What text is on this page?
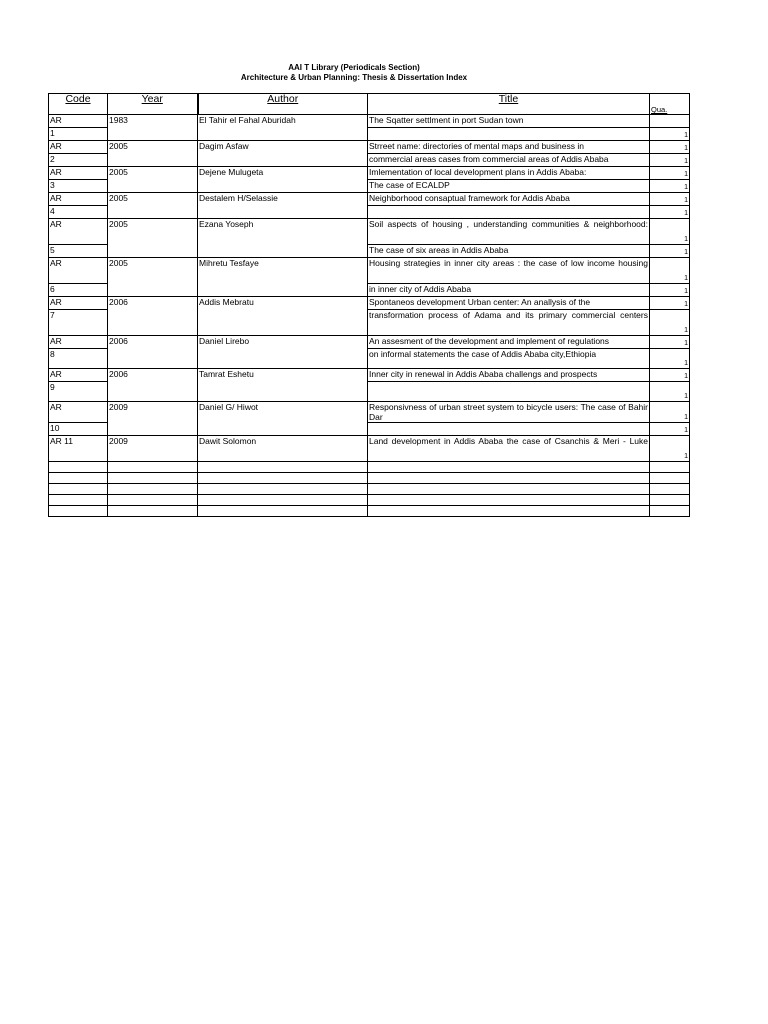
AAI T Library (Periodicals Section)
Architecture & Urban Planning: Thesis & Dissertation Index
Code	Year	Author	Title	Qua.
AR	1983	El Tahir el Fahal Aburidah	The Sqatter settlment in port Sudan town	
1				1
AR	2005	Dagim Asfaw	Strreet name: directories of mental maps and business in	1
2			commercial areas cases from commercial areas of Addis Ababa	1
AR	2005	Dejene Mulugeta	Imlementation of local development plans in Addis Ababa:	1
3			The case of ECALDP	1
AR	2005	Destalem H/Selassie	Neighborhood consaptual framework for Addis Ababa	1
4				1
AR	2005	Ezana Yoseph	Soil aspects of housing , understanding communities & neighborhood:	1
5			The case of six areas in Addis Ababa	1
AR	2005	Mihretu Tesfaye	Housing strategies in inner city areas : the case of low income housing	1
6			in inner city of Addis Ababa	1
AR	2006	Addis Mebratu	Spontaneos development Urban center: An anallysis of the	1
7			transformation process of Adama and its primary commercial centers	1
AR	2006	Daniel Lirebo	An assesment of the development and implement of regulations	1
8			on informal statements the case of Addis Ababa city,Ethiopia	1
AR	2006	Tamrat Eshetu	Inner city in renewal in Addis Ababa challengs and prospects	1
9				1
AR	2009	Daniel G/ Hiwot	Responsivness of urban street system to bicycle users: The case of Bahir Dar	1
10				1
AR 11	2009	Dawit Solomon	Land development in Addis Ababa the case of Csanchis & Meri - Luke	1
